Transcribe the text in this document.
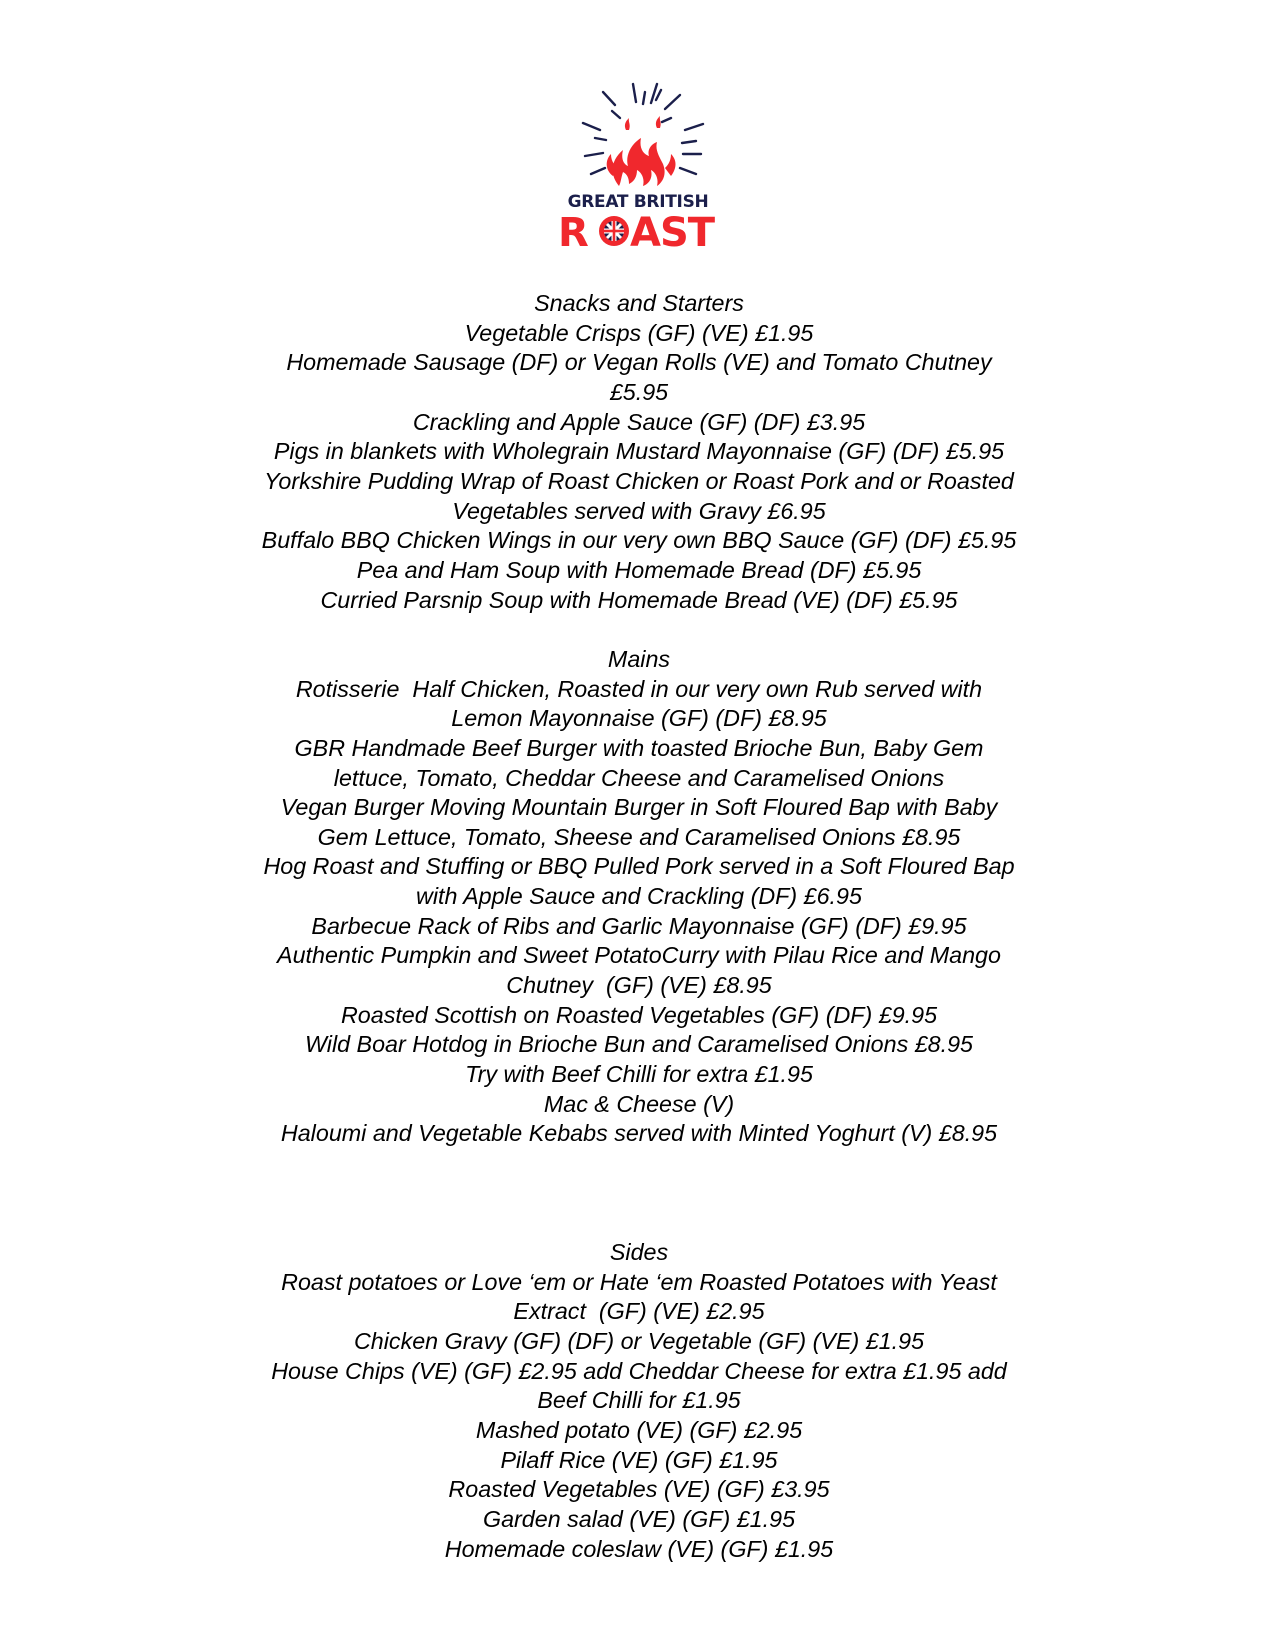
GREAT BRITISH
R AST
Snacks and Starters
Vegetable Crisps (GF) (VE) £1.95
Homemade Sausage (DF) or Vegan Rolls (VE) and Tomato Chutney
£5.95
Crackling and Apple Sauce (GF) (DF) £3.95
Pigs in blankets with Wholegrain Mustard Mayonnaise (GF) (DF) £5.95
Yorkshire Pudding Wrap of Roast Chicken or Roast Pork and or Roasted
Vegetables served with Gravy £6.95
Buffalo BBQ Chicken Wings in our very own BBQ Sauce (GF) (DF) £5.95
Pea and Ham Soup with Homemade Bread (DF) £5.95
Curried Parsnip Soup with Homemade Bread (VE) (DF) £5.95
Mains
Rotisserie  Half Chicken, Roasted in our very own Rub served with
Lemon Mayonnaise (GF) (DF) £8.95
GBR Handmade Beef Burger with toasted Brioche Bun, Baby Gem
lettuce, Tomato, Cheddar Cheese and Caramelised Onions
Vegan Burger Moving Mountain Burger in Soft Floured Bap with Baby
Gem Lettuce, Tomato, Sheese and Caramelised Onions £8.95
Hog Roast and Stuffing or BBQ Pulled Pork served in a Soft Floured Bap
with Apple Sauce and Crackling (DF) £6.95
Barbecue Rack of Ribs and Garlic Mayonnaise (GF) (DF) £9.95
Authentic Pumpkin and Sweet PotatoCurry with Pilau Rice and Mango
Chutney  (GF) (VE) £8.95
Roasted Scottish on Roasted Vegetables (GF) (DF) £9.95
Wild Boar Hotdog in Brioche Bun and Caramelised Onions £8.95
Try with Beef Chilli for extra £1.95
Mac & Cheese (V)
Haloumi and Vegetable Kebabs served with Minted Yoghurt (V) £8.95
Sides
Roast potatoes or Love ‘em or Hate ‘em Roasted Potatoes with Yeast
Extract  (GF) (VE) £2.95
Chicken Gravy (GF) (DF) or Vegetable (GF) (VE) £1.95
House Chips (VE) (GF) £2.95 add Cheddar Cheese for extra £1.95 add
Beef Chilli for £1.95
Mashed potato (VE) (GF) £2.95
Pilaff Rice (VE) (GF) £1.95
Roasted Vegetables (VE) (GF) £3.95
Garden salad (VE) (GF) £1.95
Homemade coleslaw (VE) (GF) £1.95
